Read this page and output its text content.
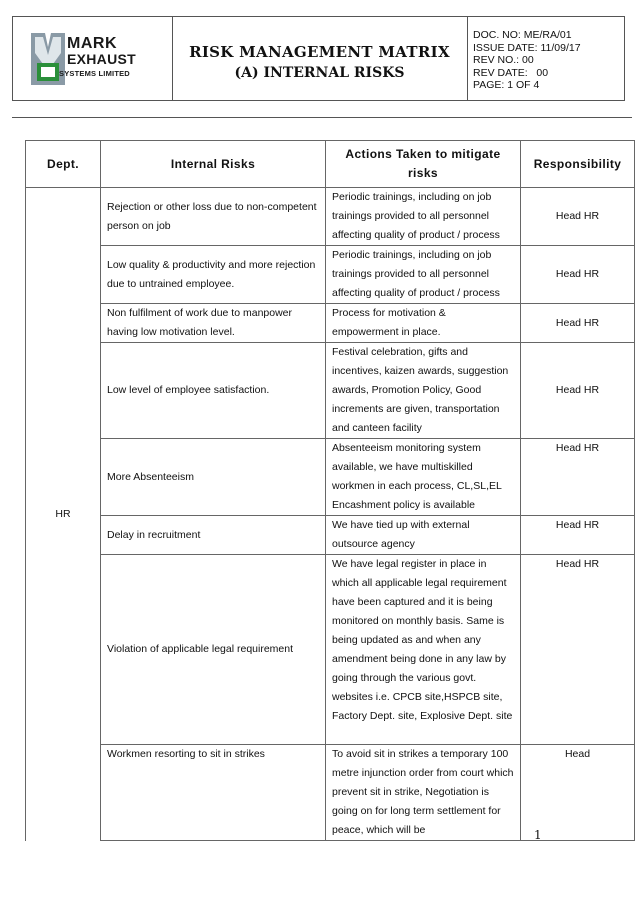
MARK
EXHAUST
SYSTEMS LIMITED
RISK MANAGEMENT MATRIX
(A) INTERNAL RISKS
DOC. NO: ME/RA/01
ISSUE DATE: 11/09/17
REV NO.: 00
REV DATE:   00
PAGE: 1 OF 4
Dept.	Internal Risks	Actions Taken to mitigate risks	Responsibility
HR	Rejection or other loss due to non-competent person on job	Periodic trainings, including on job trainings provided to all personnel affecting quality of product / process	Head HR
	Low quality & productivity and more rejection due to untrained employee.	Periodic trainings, including on job trainings provided to all personnel affecting quality of product / process	Head HR
	Non fulfilment of work due to manpower having low motivation level.	Process for motivation & empowerment in place.	Head HR
	Low level of employee satisfaction.	Festival celebration, gifts and incentives, kaizen awards, suggestion awards, Promotion Policy, Good increments are given, transportation and canteen facility	Head HR
	More Absenteeism	Absenteeism monitoring system available, we have multiskilled workmen in each process, CL,SL,EL Encashment policy is available	Head HR
	Delay in recruitment	We have tied up with external outsource agency	Head HR
	Violation of applicable legal requirement	We have legal register in place in which all applicable legal requirement have been captured and it is being monitored on monthly basis. Same is being updated as and when any amendment being done in any law by going through the various govt. websites i.e. CPCB site,HSPCB site, Factory Dept. site, Explosive Dept. site	Head HR
	Workmen resorting to sit in strikes	To avoid sit in strikes a temporary 100 metre injunction order from court which prevent sit in strike, Negotiation is going on for long term settlement for peace, which will be	Head
1
